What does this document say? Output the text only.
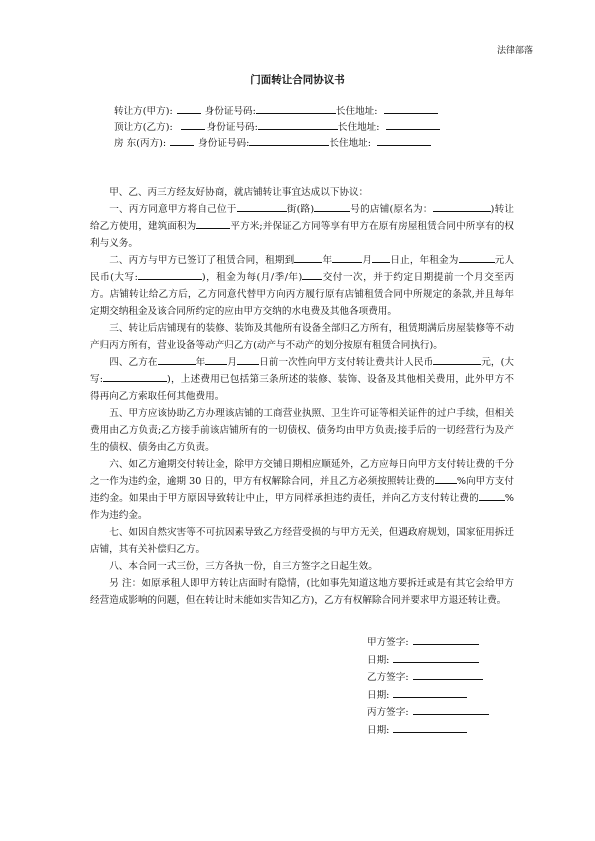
法律部落
门面转让合同协议书
转让方(甲方):	身份证号码:	长住地址:
顶让方(乙方):	身份证号码:	长住地址:
房 东(丙方):	身份证号码:	长住地址:

甲、乙、丙三方经友好协商，就店铺转让事宜达成以下协议：

一、丙方同意甲方将自己位于	街(路)	号的店铺(原名为：	)转让给乙方使用，建筑面积为	平方米;并保证乙方同等享有甲方在原有房屋租赁合同中所享有的权利与义务。

二、丙方与甲方已签订了租赁合同，租期到	年	月 日止，年租金为	元人民币(大写:	)，租金为每(月/季/年) 交付一次，并于约定日期提前一个月交至丙方。店铺转让给乙方后，乙方同意代替甲方向丙方履行原有店铺租赁合同中所规定的条款,并且每年定期交纳租金及该合同所约定的应由甲方交纳的水电费及其他各项费用。

三、转让后店铺现有的装修、装饰及其他所有设备全部归乙方所有，租赁期满后房屋装修等不动产归丙方所有，营业设备等动产归乙方(动产与不动产的划分按原有租赁合同执行)。

四、乙方在	年 月 日前一次性向甲方支付转让费共计人民币	元，(大写:	)，上述费用已包括第三条所述的装修、装饰、设备及其他相关费用，此外甲方不得再向乙方索取任何其他费用。

五、甲方应该协助乙方办理该店铺的工商营业执照、卫生许可证等相关证件的过户手续，但相关费用由乙方负责;乙方接手前该店铺所有的一切债权、债务均由甲方负责;接手后的一切经营行为及产生的债权、债务由乙方负责。

六、如乙方逾期交付转让金，除甲方交铺日期相应顺延外，乙方应每日向甲方支付转让费的千分之一作为违约金，逾期 30 日的，甲方有权解除合同，并且乙方必须按照转让费的 %向甲方支付违约金。如果由于甲方原因导致转让中止，甲方同样承担违约责任，并向乙方支付转让费的	%作为违约金。

七、如因自然灾害等不可抗因素导致乙方经营受损的与甲方无关，但遇政府规划，国家征用拆迁店铺，其有关补偿归乙方。

八、本合同一式三份，三方各执一份，自三方签字之日起生效。

另 注：如原承租人即甲方转让店面时有隐情，(比如事先知道这地方要拆迁或是有其它会给甲方经营造成影响的问题，但在转让时未能如实告知乙方)，乙方有权解除合同并要求甲方退还转让费。

甲方签字:
日期:
乙方签字:
日期:
丙方签字:
日期:
